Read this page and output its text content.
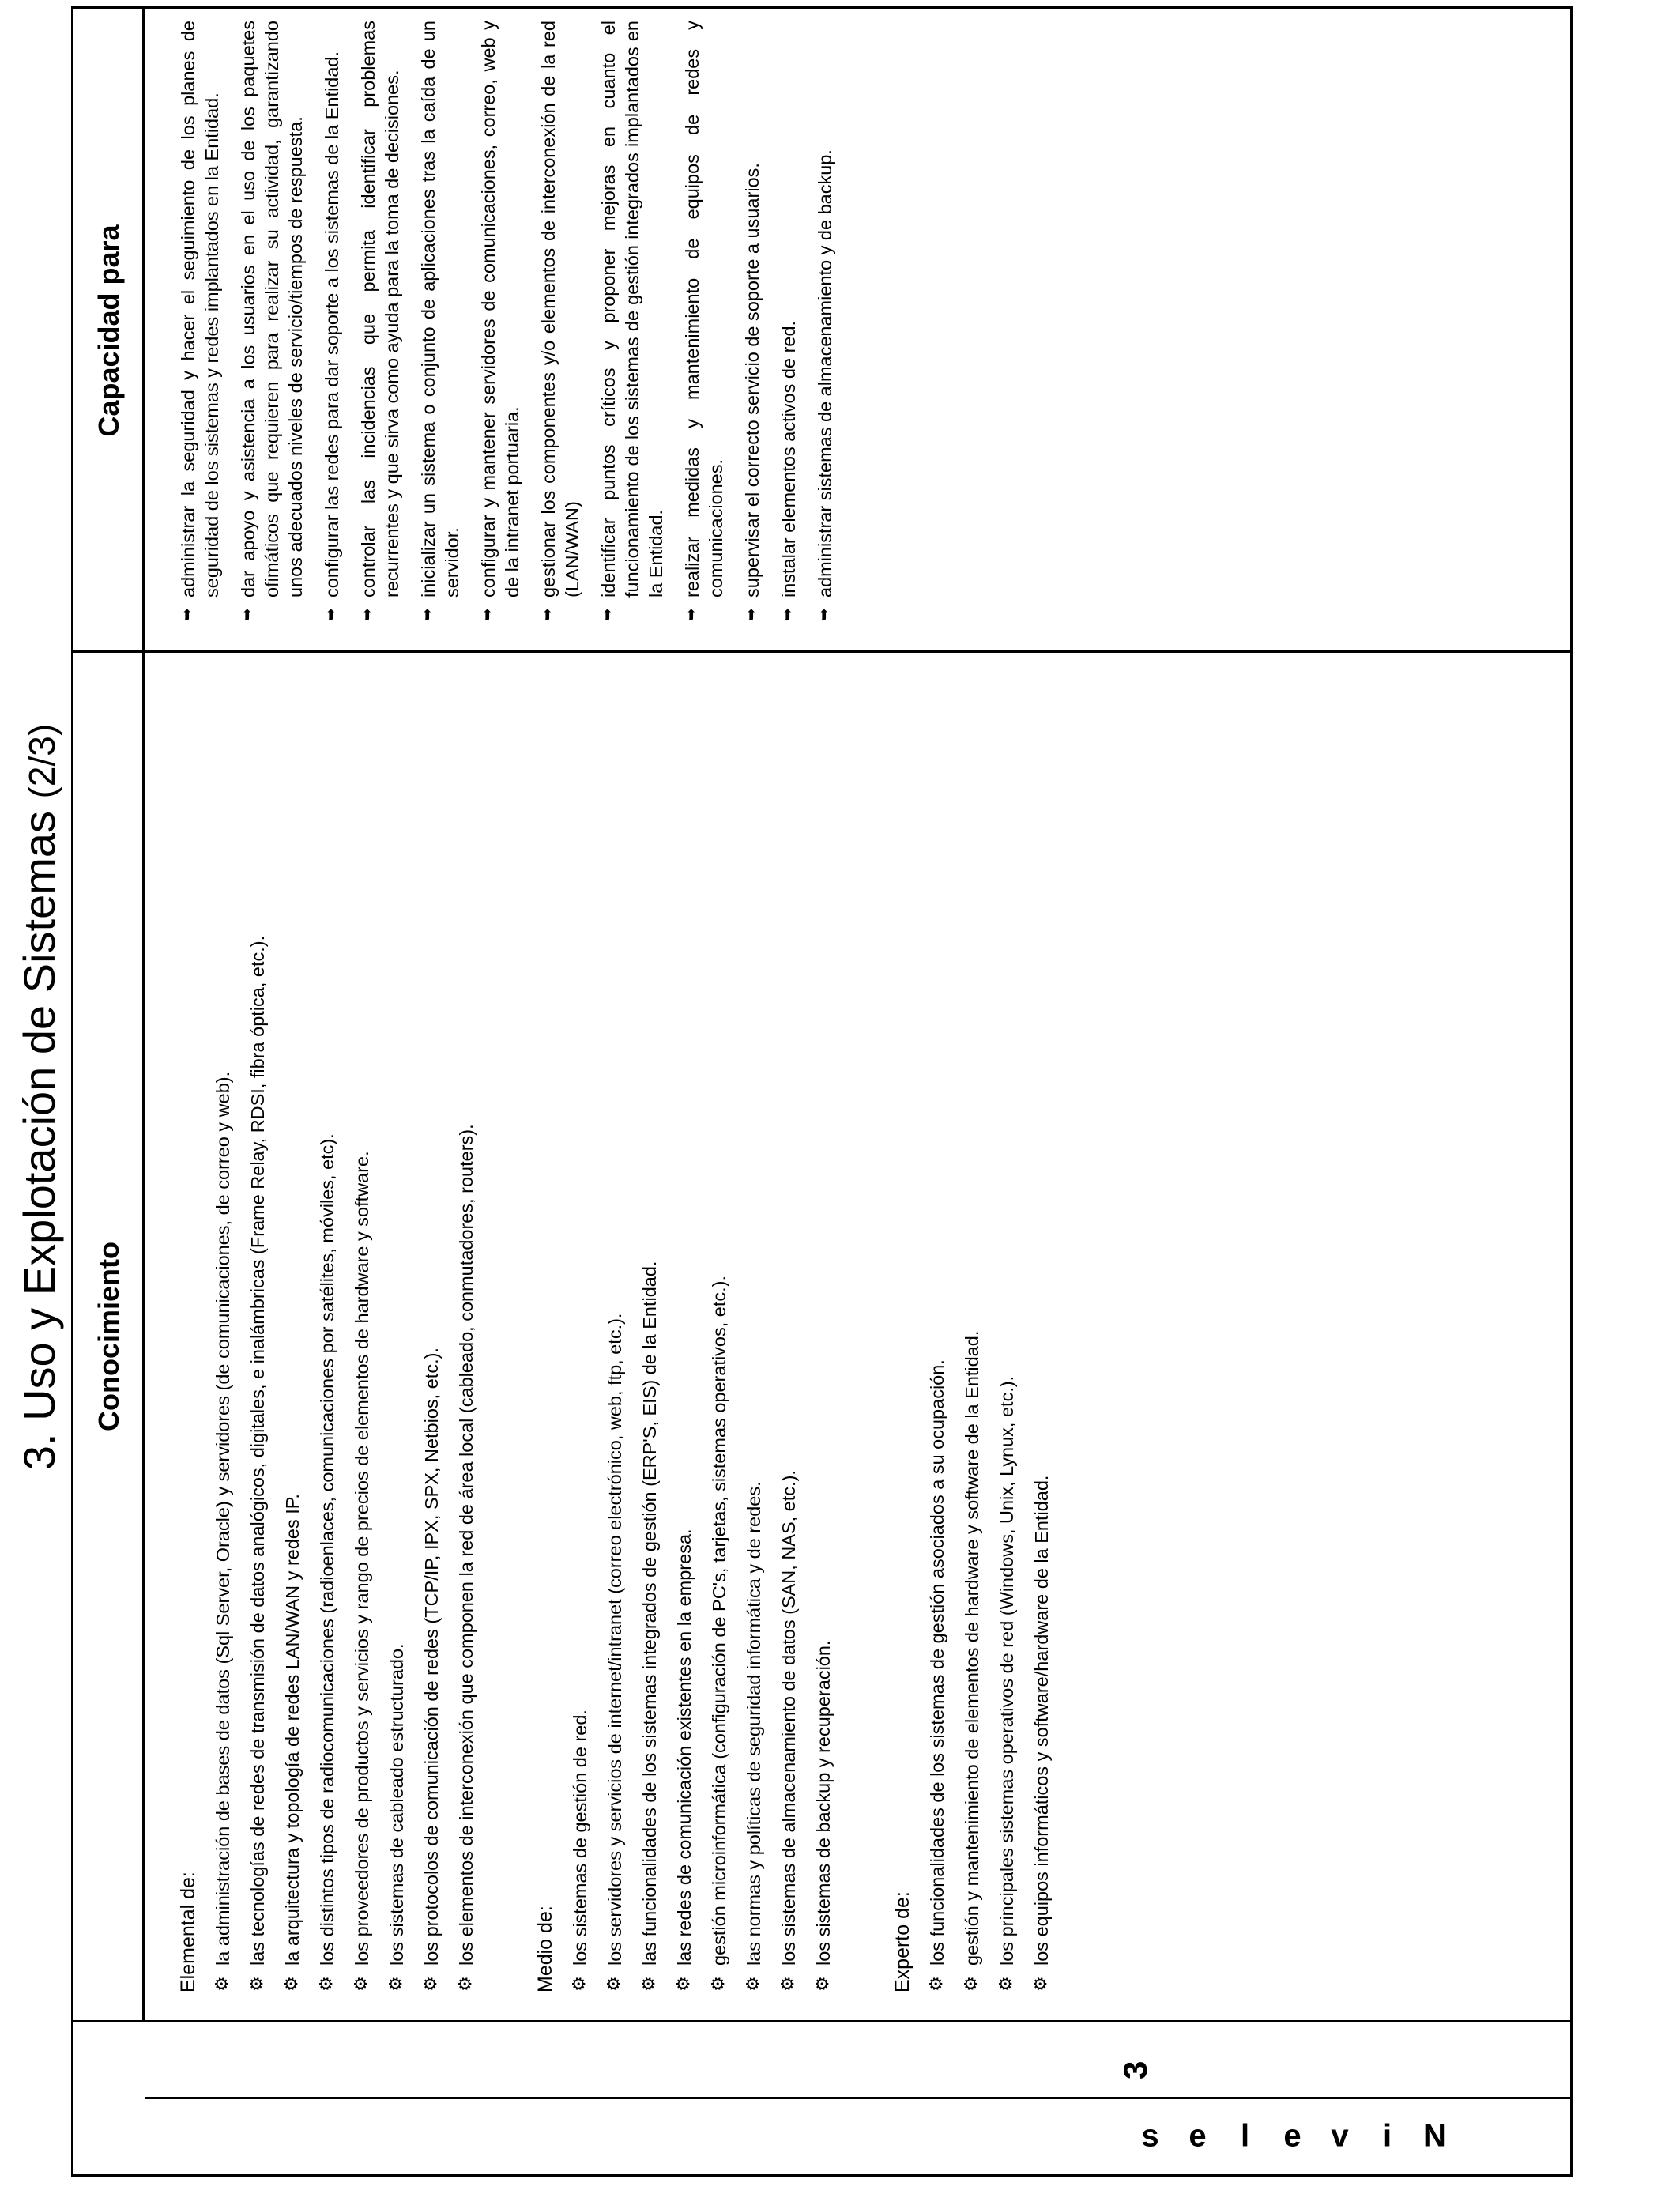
3. Uso y Explotación de Sistemas (2/3)
Conocimiento
Capacidad para
N
i
v
e
l
e
s
3
Elemental de: ⚙
la administración de bases de datos (Sql Server, Oracle) y servidores (de comunicaciones, de correo y web).
⚙
las tecnologías de redes de transmisión de datos analógicos, digitales, e inalámbricas (Frame Relay, RDSI, fibra óptica, etc.).
⚙
la arquitectura y topología de redes LAN/WAN y redes IP.
⚙
los distintos tipos de radiocomunicaciones (radioenlaces, comunicaciones por satélites, móviles, etc).
⚙
los proveedores de productos y servicios y rango de precios de elementos de hardware y software.
⚙
los sistemas de cableado estructurado.
⚙
los protocolos de comunicación de redes (TCP/IP, IPX, SPX, Netbios, etc.).
⚙
los elementos de interconexión que componen la red de área local (cableado, conmutadores, routers).	Medio de: ⚙
los sistemas de gestión de red.
⚙
los servidores y servicios de internet/intranet (correo electrónico, web, ftp, etc.).
⚙
las funcionalidades de los sistemas integrados de gestión (ERP'S, EIS) de la Entidad.
⚙
las redes de comunicación existentes en la empresa.
⚙
gestión microinformática (configuración de PC's, tarjetas, sistemas operativos, etc.).
⚙
las normas y políticas de seguridad informática y de redes.
⚙
los sistemas de almacenamiento de datos (SAN, NAS, etc.).
⚙
los sistemas de backup y recuperación.	Experto de: ⚙
los funcionalidades de los sistemas de gestión asociados a su ocupación.
⚙
gestión y mantenimiento de elementos de hardware y software de la Entidad.
⚙
los principales sistemas operativos de red (Windows, Unix, Lynux, etc.).
⚙
los equipos informáticos y software/hardware de la Entidad.
➥
administrar la seguridad y hacer el seguimiento de los planes de seguridad de los sistemas y redes implantados en la Entidad.
➥
dar apoyo y asistencia a los usuarios en el uso de los paquetes ofimáticos que requieren para realizar su actividad, garantizando unos adecuados niveles de servicio/tiempos de respuesta.
➥
configurar las redes para dar soporte a los sistemas de la Entidad.
➥
controlar las incidencias que permita identificar problemas recurrentes y que sirva como ayuda para la toma de decisiones.
➥
inicializar un sistema o conjunto de aplicaciones tras la caída de un servidor.
➥
configurar y mantener servidores de comunicaciones, correo, web y de la intranet portuaria.
➥
gestionar los componentes y/o elementos de interconexión de la red (LAN/WAN)
➥
identificar puntos críticos y proponer mejoras en cuanto el funcionamiento de los sistemas de gestión integrados implantados en la Entidad.
➥
realizar medidas y mantenimiento de equipos de redes y comunicaciones.
➥
supervisar el correcto servicio de soporte a usuarios.
➥
instalar elementos activos de red.
➥
administrar sistemas de almacenamiento y de backup.
